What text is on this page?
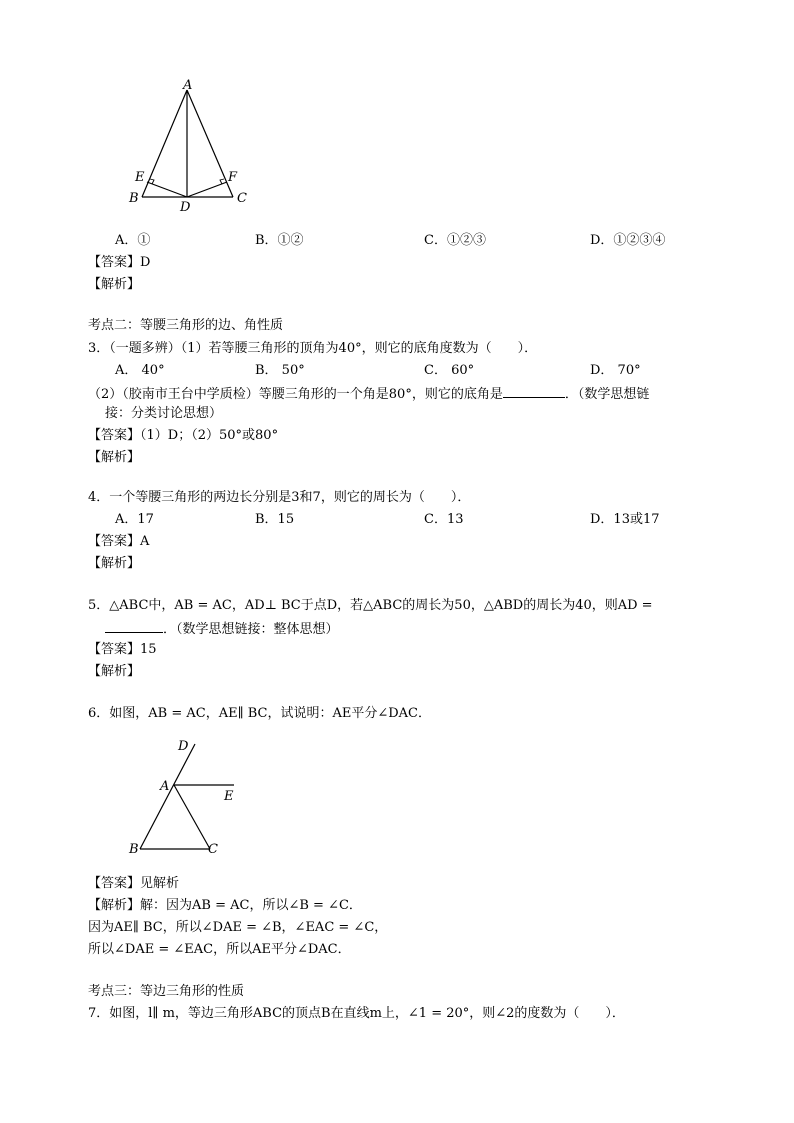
A
E	F
B
D
C
A．①	B．①②	C．①②③	D．①②③④
【答案】D
【解析】
考点二：等腰三角形的边、角性质
3．（一题多辨）（1）若等腰三角形的顶角为40°，则它的底角度数为（　　）．
A． 40°	B． 50°	C． 60°	D． 70°
（2）（胶南市王台中学质检）等腰三角形的一个角是80°，则它的底角是	．（数学思想链
接：分类讨论思想）
【答案】（1）D；（2）50°或80°
【解析】
4．一个等腰三角形的两边长分别是3和7，则它的周长为（　　）．
A．17	B．15	C．13	D．13或17
【答案】A
【解析】
5．△ABC中，AB = AC，AD⊥ BC于点D，若△ABC的周长为50，△ABD的周长为40，则AD =
．（数学思想链接：整体思想）
【答案】15
【解析】
6．如图，AB = AC，AE∥ BC，试说明：AE平分∠DAC．
D
A
E
B	C
【答案】见解析
【解析】解：因为AB = AC，所以∠B = ∠C．
因为AE∥ BC，所以∠DAE = ∠B，∠EAC = ∠C，
所以∠DAE = ∠EAC，所以AE平分∠DAC．
考点三：等边三角形的性质
7．如图，l∥ m，等边三角形ABC的顶点B在直线m上，∠1 = 20°，则∠2的度数为（　　）．
